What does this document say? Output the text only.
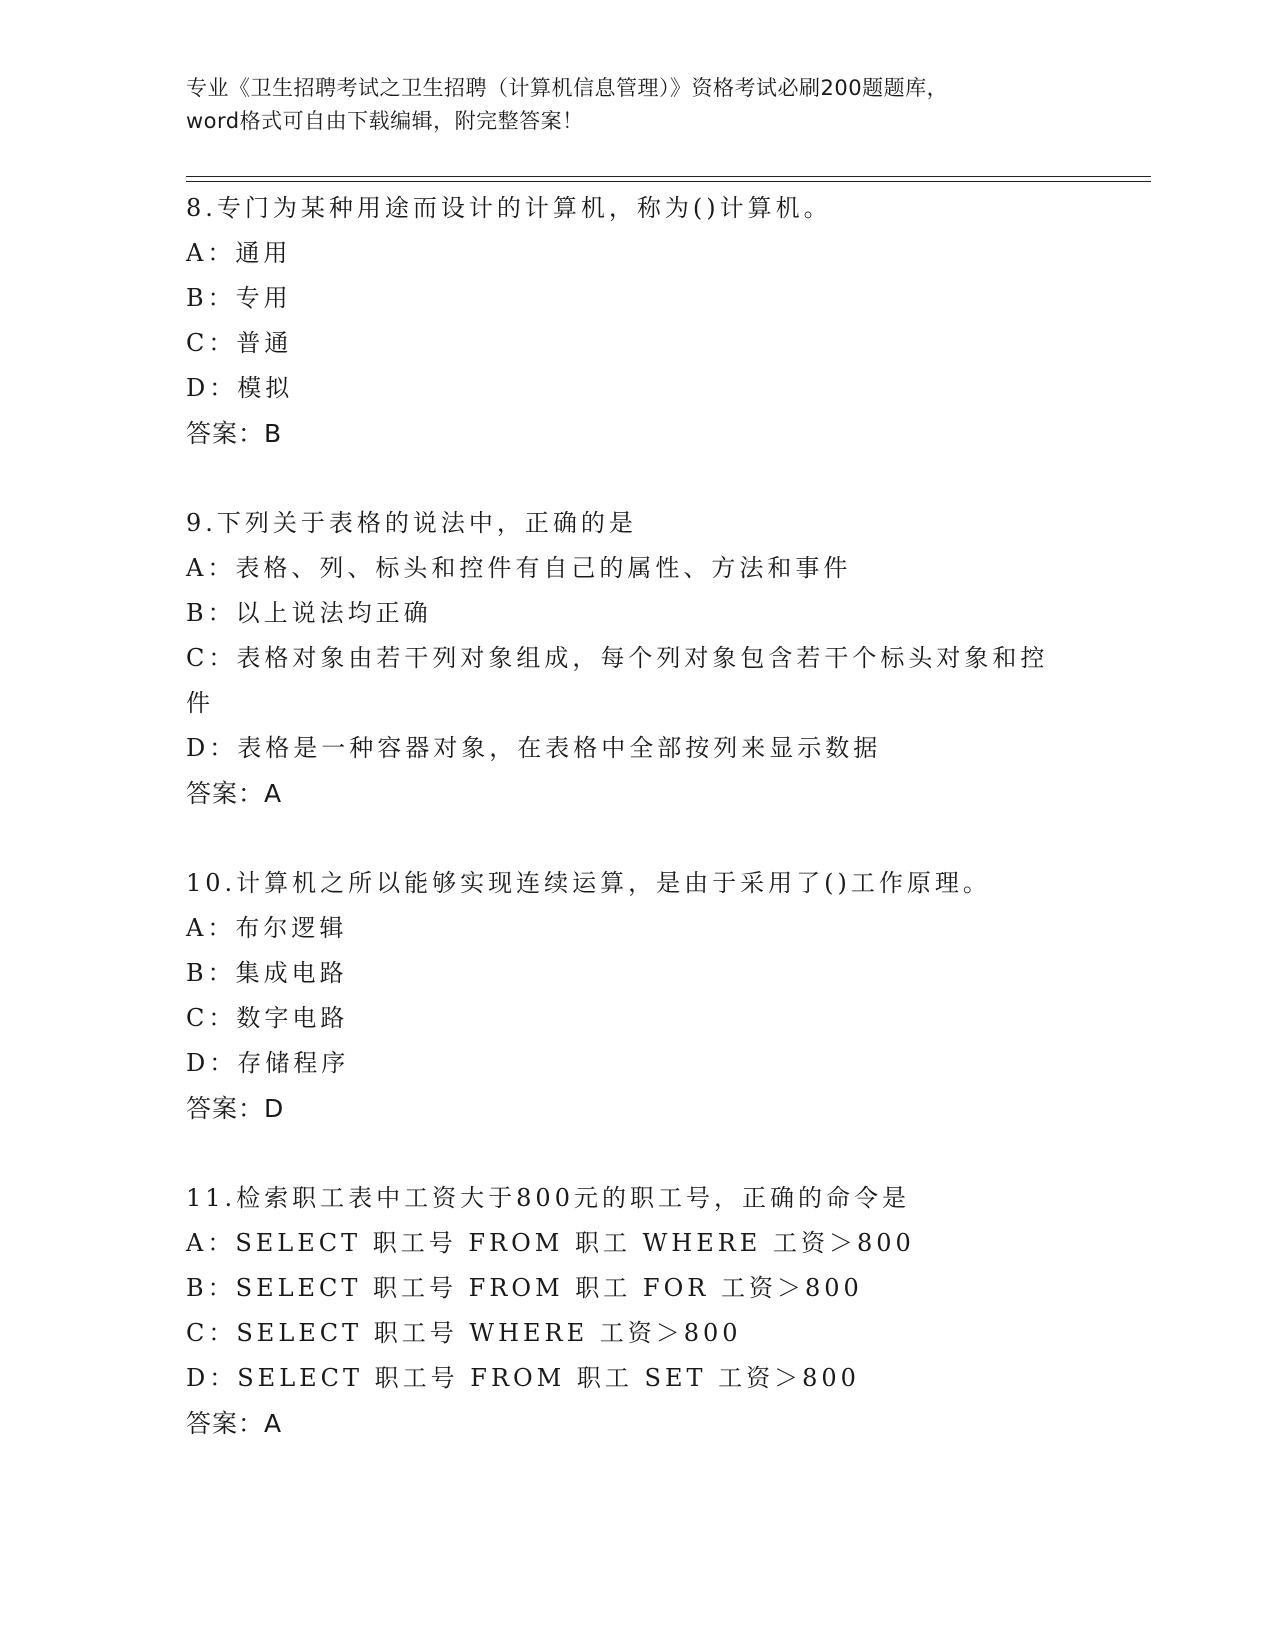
专业《卫生招聘考试之卫生招聘（计算机信息管理）》资格考试必刷200题题库，
word格式可自由下载编辑，附完整答案！
8.专门为某种用途而设计的计算机，称为()计算机。
A：通用
B：专用
C：普通
D：模拟
答案：B
9.下列关于表格的说法中，正确的是
A：表格、列、标头和控件有自己的属性、方法和事件
B：以上说法均正确
C：表格对象由若干列对象组成，每个列对象包含若干个标头对象和控
件
D：表格是一种容器对象，在表格中全部按列来显示数据
答案：A
10.计算机之所以能够实现连续运算，是由于采用了()工作原理。
A：布尔逻辑
B：集成电路
C：数字电路
D：存储程序
答案：D
11.检索职工表中工资大于800元的职工号，正确的命令是
A：SELECT 职工号 FROM 职工 WHERE 工资＞800
B：SELECT 职工号 FROM 职工 FOR 工资＞800
C：SELECT 职工号 WHERE 工资＞800
D：SELECT 职工号 FROM 职工 SET 工资＞800
答案：A
